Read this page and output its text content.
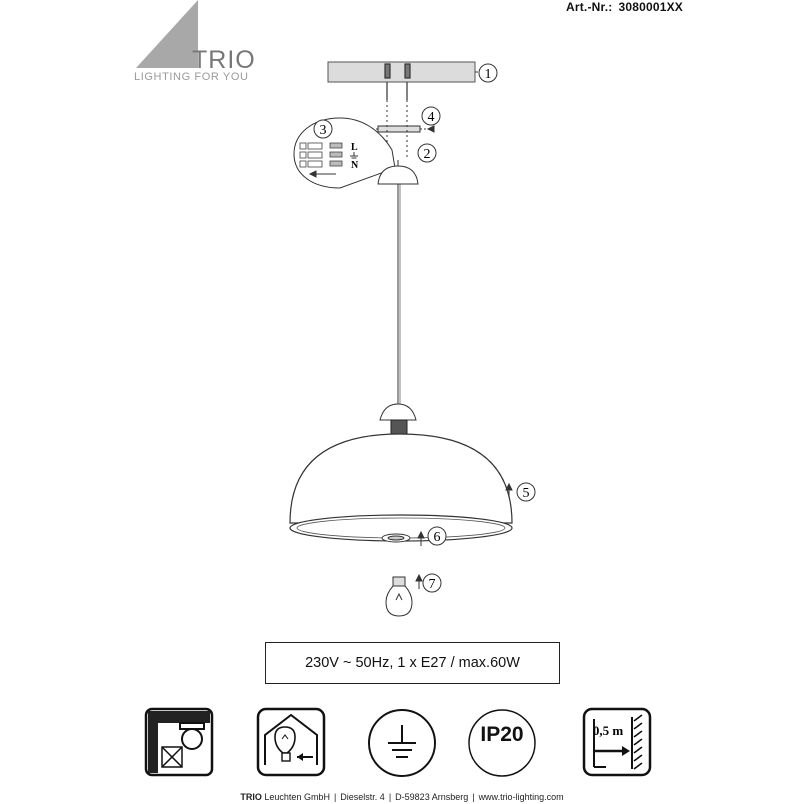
Art.-Nr.: 3080001XX
TRIO
LIGHTING FOR YOU	1
4
2
3
L
N
5
6
7
230V ~ 50Hz, 1 x E27 / max.60W
IP20	0,5 m
TRIO Leuchten GmbH | Dieselstr. 4 | D-59823 Arnsberg | www.trio-lighting.com
